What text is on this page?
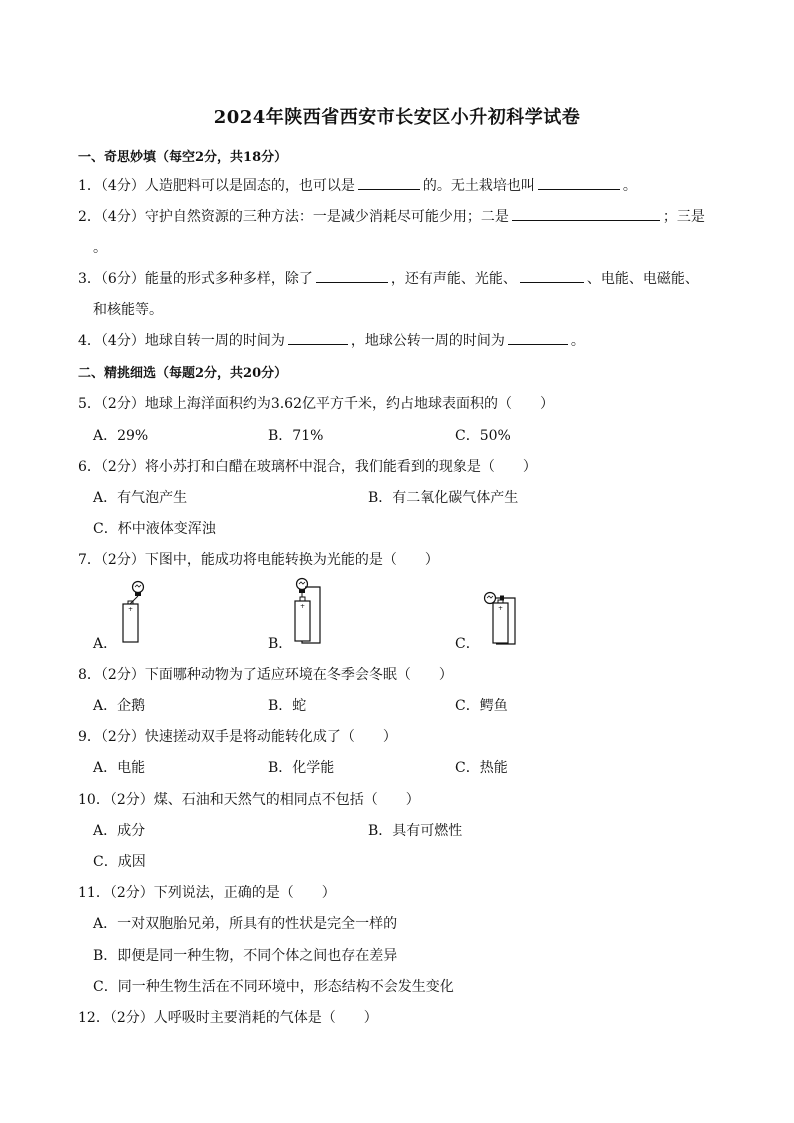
2024年陕西省西安市长安区小升初科学试卷
一、奇思妙填（每空2分，共18分）
1．（4分）人造肥料可以是固态的，也可以是	的。无土栽培也叫	。
2．（4分）守护自然资源的三种方法：一是减少消耗尽可能少用；二是	；三是
。
3．（6分）能量的形式多种多样，除了	，还有声能、光能、	、电能、电磁能、
和核能等。
4．（4分）地球自转一周的时间为	，地球公转一周的时间为	。
二、精挑细选（每题2分，共20分）
5．（2分）地球上海洋面积约为3.62亿平方千米，约占地球表面积的（　　）
A．29%	B．71%	C．50%
6．（2分）将小苏打和白醋在玻璃杯中混合，我们能看到的现象是（　　）
A．有气泡产生	B．有二氧化碳气体产生
C．杯中液体变浑浊
7．（2分）下图中，能成功将电能转换为光能的是（　　）
A．
+
B．
+
C．
+
8．（2分）下面哪种动物为了适应环境在冬季会冬眠（　　）
A．企鹅	B．蛇	C．鳄鱼
9．（2分）快速搓动双手是将动能转化成了（　　）
A．电能	B．化学能	C．热能
10．（2分）煤、石油和天然气的相同点不包括（　　）
A．成分	B．具有可燃性
C．成因
11．（2分）下列说法，正确的是（　　）
A．一对双胞胎兄弟，所具有的性状是完全一样的
B．即便是同一种生物，不同个体之间也存在差异
C．同一种生物生活在不同环境中，形态结构不会发生变化
12．（2分）人呼吸时主要消耗的气体是（　　）
